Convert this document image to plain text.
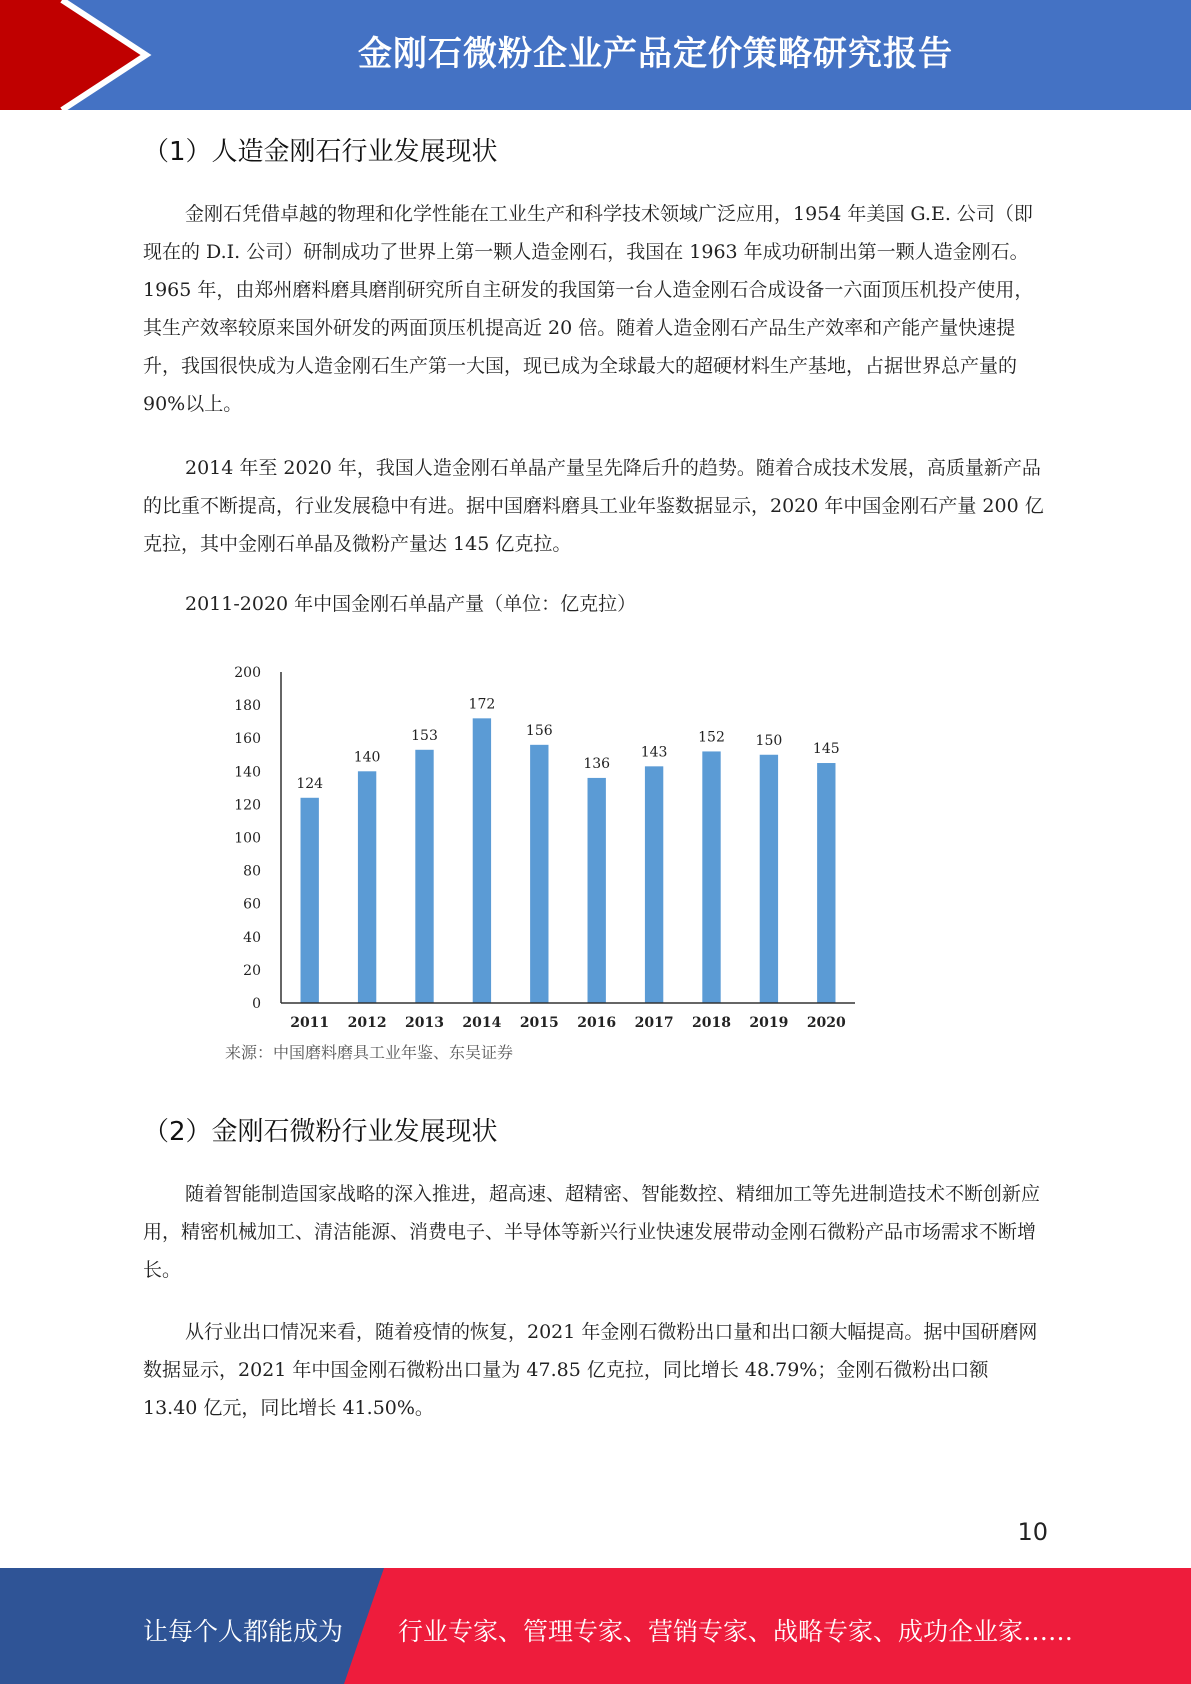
金刚石微粉企业产品定价策略研究报告
（1）人造金刚石行业发展现状

金刚石凭借卓越的物理和化学性能在工业生产和科学技术领域广泛应用，1954 年美国 G.E. 公司（即现在的 D.I. 公司）研制成功了世界上第一颗人造金刚石，我国在 1963 年成功研制出第一颗人造金刚石。1965 年，由郑州磨料磨具磨削研究所自主研发的我国第一台人造金刚石合成设备一六面顶压机投产使用，其生产效率较原来国外研发的两面顶压机提高近 20 倍。随着人造金刚石产品生产效率和产能产量快速提升，我国很快成为人造金刚石生产第一大国，现已成为全球最大的超硬材料生产基地，占据世界总产量的 90%以上。

2014 年至 2020 年，我国人造金刚石单晶产量呈先降后升的趋势。随着合成技术发展，高质量新产品的比重不断提高，行业发展稳中有进。据中国磨料磨具工业年鉴数据显示，2020 年中国金刚石产量 200 亿克拉，其中金刚石单晶及微粉产量达 145 亿克拉。

2011-2020 年中国金刚石单晶产量（单位：亿克拉）
0
20
40
60
80
100
120
140
160
180
200
124
140
153
172
156
136
143
152 150
145
2011 2012 2013 2014 2015 2016 2017 2018 2019 2020
来源：中国磨料磨具工业年鉴、东吴证券
（2）金刚石微粉行业发展现状

随着智能制造国家战略的深入推进，超高速、超精密、智能数控、精细加工等先进制造技术不断创新应用，精密机械加工、清洁能源、消费电子、半导体等新兴行业快速发展带动金刚石微粉产品市场需求不断增长。

从行业出口情况来看，随着疫情的恢复，2021 年金刚石微粉出口量和出口额大幅提高。据中国研磨网数据显示，2021 年中国金刚石微粉出口量为 47.85 亿克拉，同比增长 48.79%；金刚石微粉出口额 13.40 亿元，同比增长 41.50%。

10
让每个人都能成为 行业专家、管理专家、营销专家、战略专家、成功企业家……
